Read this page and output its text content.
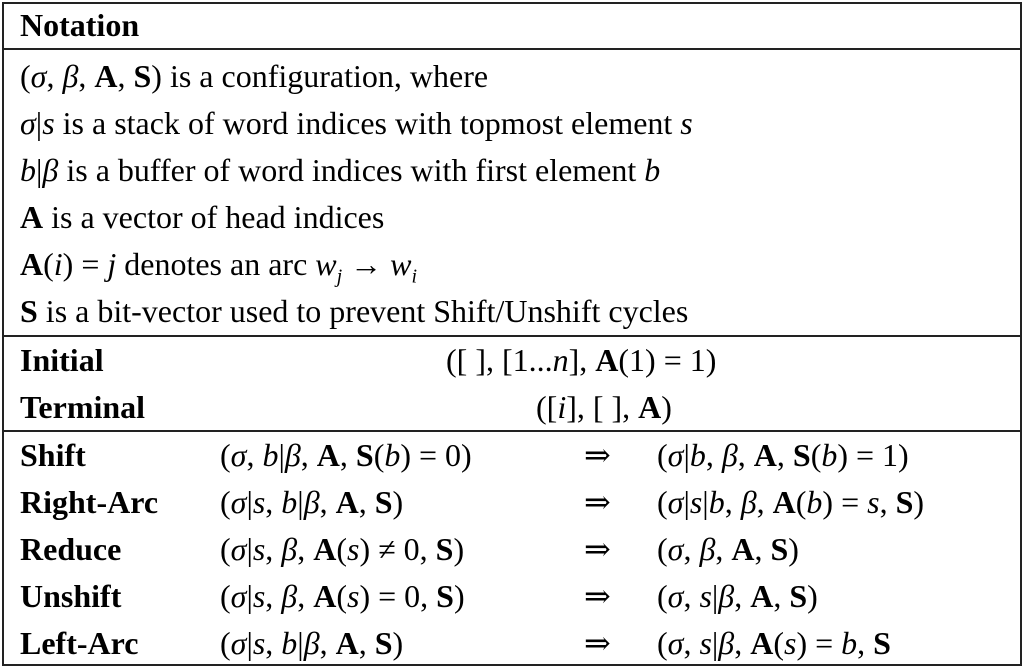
Notation
(σ, β, A, S) is a configuration, where
σ|s is a stack of word indices with topmost element s
b|β is a buffer of word indices with first element b
A is a vector of head indices
A(i) = j denotes an arc $w_j \to w_i$
S is a bit-vector used to prevent Shift/Unshift cycles
Initial	([ ], [1...n], A(1) = 1)
Terminal	([i], [ ], A)
Shift	(σ, b|β, A, S(b) = 0)	⇒ (σ|b, β, A, S(b) = 1)
Right-Arc (σ|s, b|β, A, S)	⇒ (σ|s|b, β, A(b) = s, S)
Reduce	(σ|s, β, A(s) ≠ 0, S)	⇒ (σ, β, A, S)
Unshift	(σ|s, β, A(s) = 0, S)	⇒ (σ, s|β, A, S)
Left-Arc	(σ|s, b|β, A, S)	⇒ (σ, s|β, A(s) = b, S
